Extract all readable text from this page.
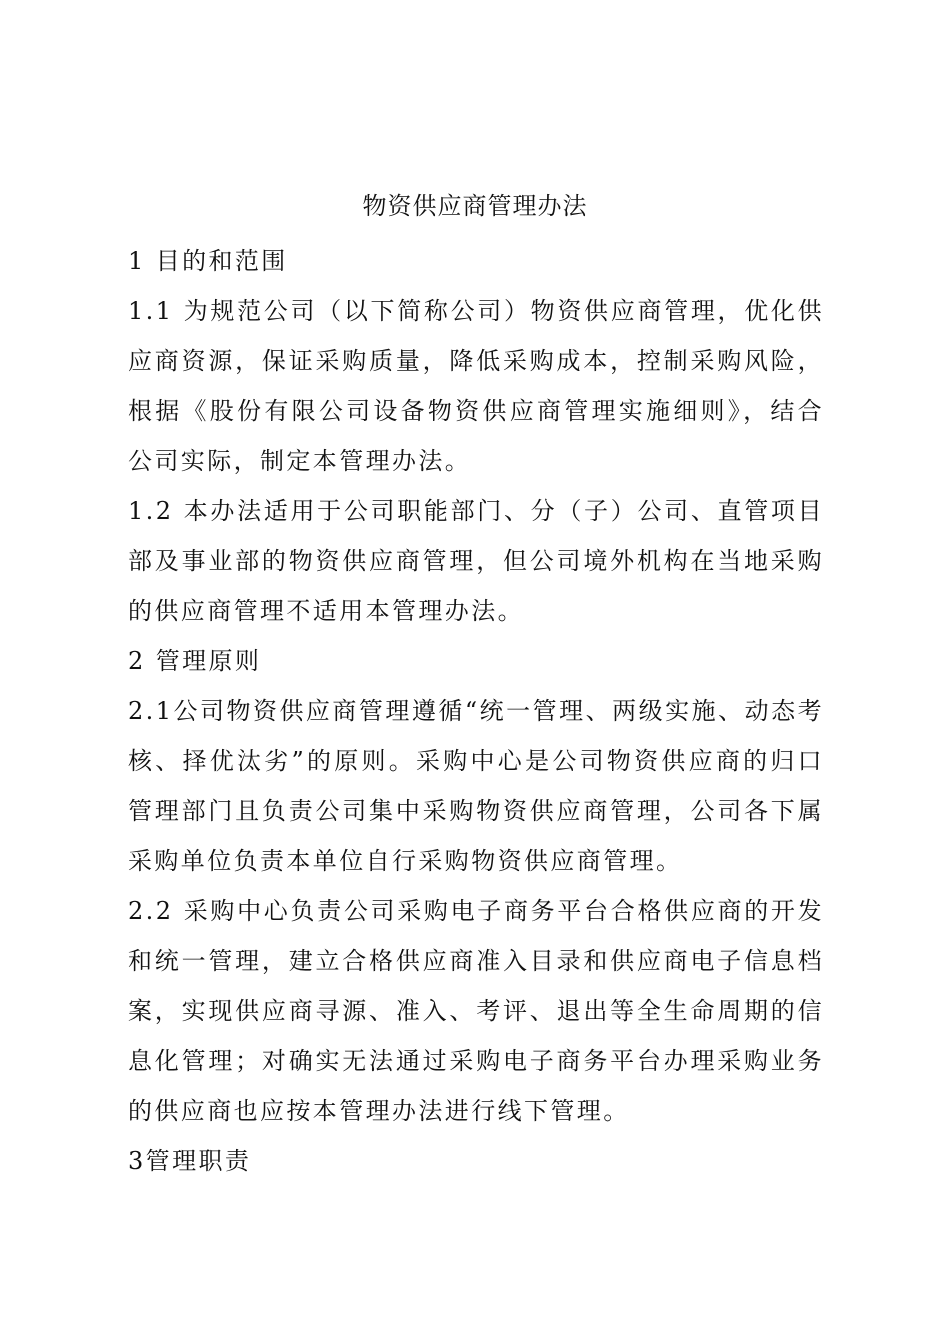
物资供应商管理办法

1 目的和范围

1.1 为规范公司（以下简称公司）物资供应商管理，优化供应商资源，保证采购质量，降低采购成本，控制采购风险，根据《股份有限公司设备物资供应商管理实施细则》，结合公司实际，制定本管理办法。

1.2 本办法适用于公司职能部门、分（子）公司、直管项目部及事业部的物资供应商管理，但公司境外机构在当地采购的供应商管理不适用本管理办法。

2 管理原则

2.1公司物资供应商管理遵循“统一管理、两级实施、动态考核、择优汰劣”的原则。采购中心是公司物资供应商的归口管理部门且负责公司集中采购物资供应商管理，公司各下属采购单位负责本单位自行采购物资供应商管理。

2.2 采购中心负责公司采购电子商务平台合格供应商的开发和统一管理，建立合格供应商准入目录和供应商电子信息档案，实现供应商寻源、准入、考评、退出等全生命周期的信息化管理；对确实无法通过采购电子商务平台办理采购业务的供应商也应按本管理办法进行线下管理。

3管理职责
